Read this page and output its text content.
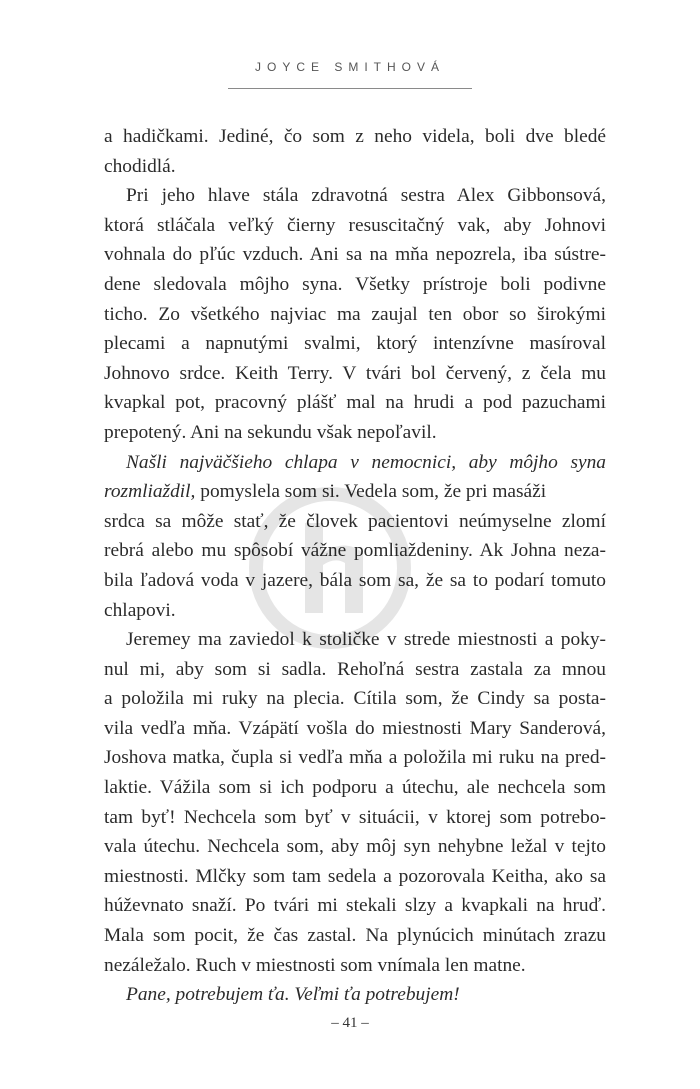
JOYCE SMITHOVÁ
a hadičkami. Jediné, čo som z neho videla, boli dve bledé
chodidlá.
Pri jeho hlave stála zdravotná sestra Alex Gibbonsová,
ktorá stláčala veľký čierny resuscitačný vak, aby Johnovi
vohnala do pľúc vzduch. Ani sa na mňa nepozrela, iba sústre-
dene sledovala môjho syna. Všetky prístroje boli podivne
ticho. Zo všetkého najviac ma zaujal ten obor so širokými
plecami a napnutými svalmi, ktorý intenzívne masíroval
Johnovo srdce. Keith Terry. V tvári bol červený, z čela mu
kvapkal pot, pracovný plášť mal na hrudi a pod pazuchami
prepotený. Ani na sekundu však nepoľavil.
Našli najväčšieho chlapa v nemocnici, aby môjho syna
rozmliaždil, pomyslela som si. Vedela som, že pri masáži
srdca sa môže stať, že človek pacientovi neúmyselne zlomí
rebrá alebo mu spôsobí vážne pomliaždeniny. Ak Johna neza-
bila ľadová voda v jazere, bála som sa, že sa to podarí tomuto
chlapovi.
Jeremey ma zaviedol k stoličke v strede miestnosti a poky-
nul mi, aby som si sadla. Rehoľná sestra zastala za mnou
a položila mi ruky na plecia. Cítila som, že Cindy sa posta-
vila vedľa mňa. Vzápätí vošla do miestnosti Mary Sanderová,
Joshova matka, čupla si vedľa mňa a položila mi ruku na pred-
laktie. Vážila som si ich podporu a útechu, ale nechcela som
tam byť! Nechcela som byť v situácii, v ktorej som potrebo-
vala útechu. Nechcela som, aby môj syn nehybne ležal v tejto
miestnosti. Mlčky som tam sedela a pozorovala Keitha, ako sa
húževnato snaží. Po tvári mi stekali slzy a kvapkali na hruď.
Mala som pocit, že čas zastal. Na plynúcich minútach zrazu
nezáležalo. Ruch v miestnosti som vnímala len matne.
Pane, potrebujem ťa. Veľmi ťa potrebujem!
– 41 –
